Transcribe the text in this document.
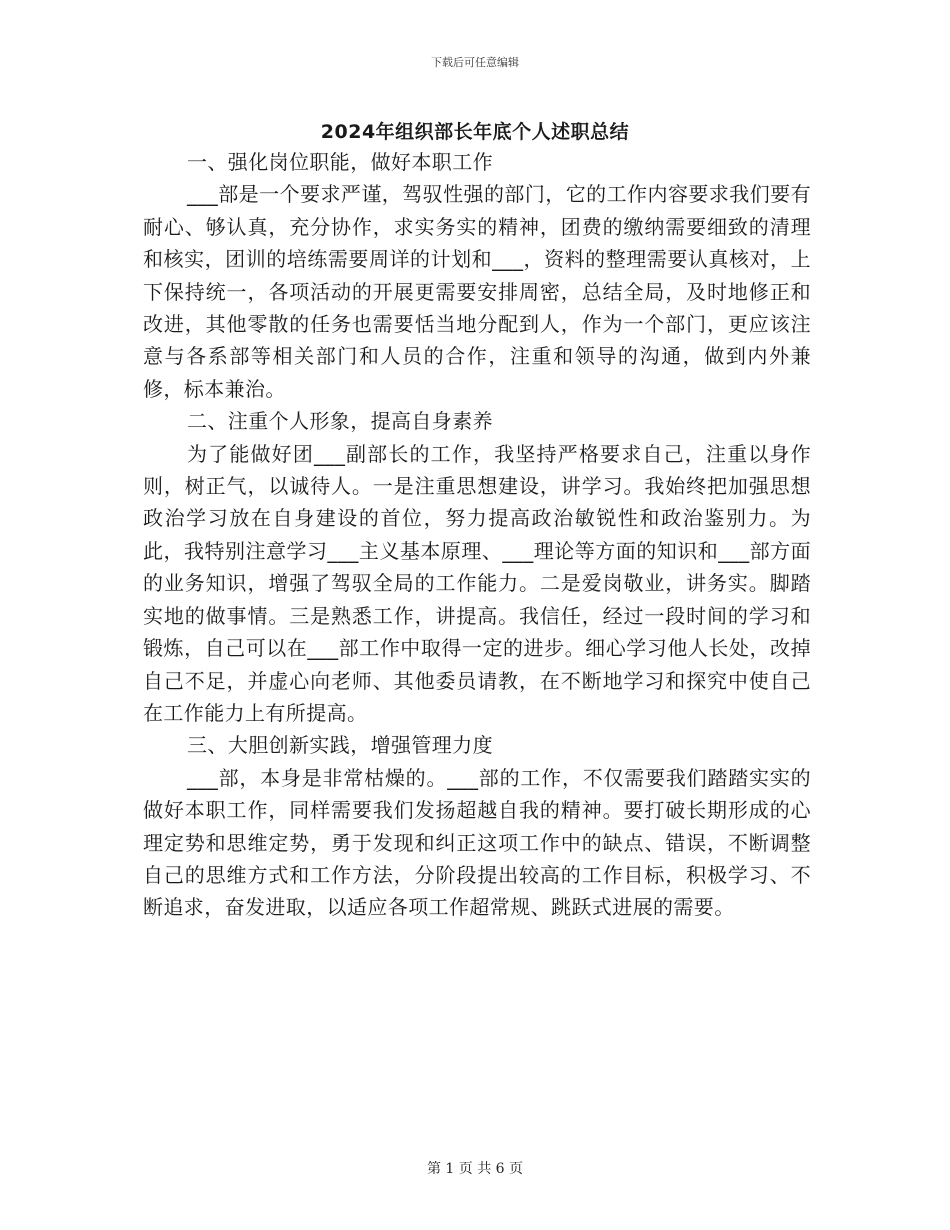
下载后可任意编辑
2024年组织部长年底个人述职总结

一、强化岗位职能，做好本职工作

___部是一个要求严谨，驾驭性强的部门，它的工作内容要求我们要有耐心、够认真，充分协作，求实务实的精神，团费的缴纳需要细致的清理和核实，团训的培练需要周详的计划和___，资料的整理需要认真核对，上下保持统一，各项活动的开展更需要安排周密，总结全局，及时地修正和改进，其他零散的任务也需要恬当地分配到人，作为一个部门，更应该注意与各系部等相关部门和人员的合作，注重和领导的沟通，做到内外兼修，标本兼治。

二、注重个人形象，提高自身素养

为了能做好团___副部长的工作，我坚持严格要求自己，注重以身作则，树正气，以诚待人。一是注重思想建设，讲学习。我始终把加强思想政治学习放在自身建设的首位，努力提高政治敏锐性和政治鉴别力。为此，我特别注意学习___主义基本原理、___理论等方面的知识和___部方面的业务知识，增强了驾驭全局的工作能力。二是爱岗敬业，讲务实。脚踏实地的做事情。三是熟悉工作，讲提高。我信任，经过一段时间的学习和锻炼，自己可以在___部工作中取得一定的进步。细心学习他人长处，改掉自己不足，并虚心向老师、其他委员请教，在不断地学习和探究中使自己在工作能力上有所提高。

三、大胆创新实践，增强管理力度

___部，本身是非常枯燥的。___部的工作，不仅需要我们踏踏实实的做好本职工作，同样需要我们发扬超越自我的精神。要打破长期形成的心理定势和思维定势，勇于发现和纠正这项工作中的缺点、错误，不断调整自己的思维方式和工作方法，分阶段提出较高的工作目标，积极学习、不断追求，奋发进取，以适应各项工作超常规、跳跃式进展的需要。

第 1 页 共 6 页
